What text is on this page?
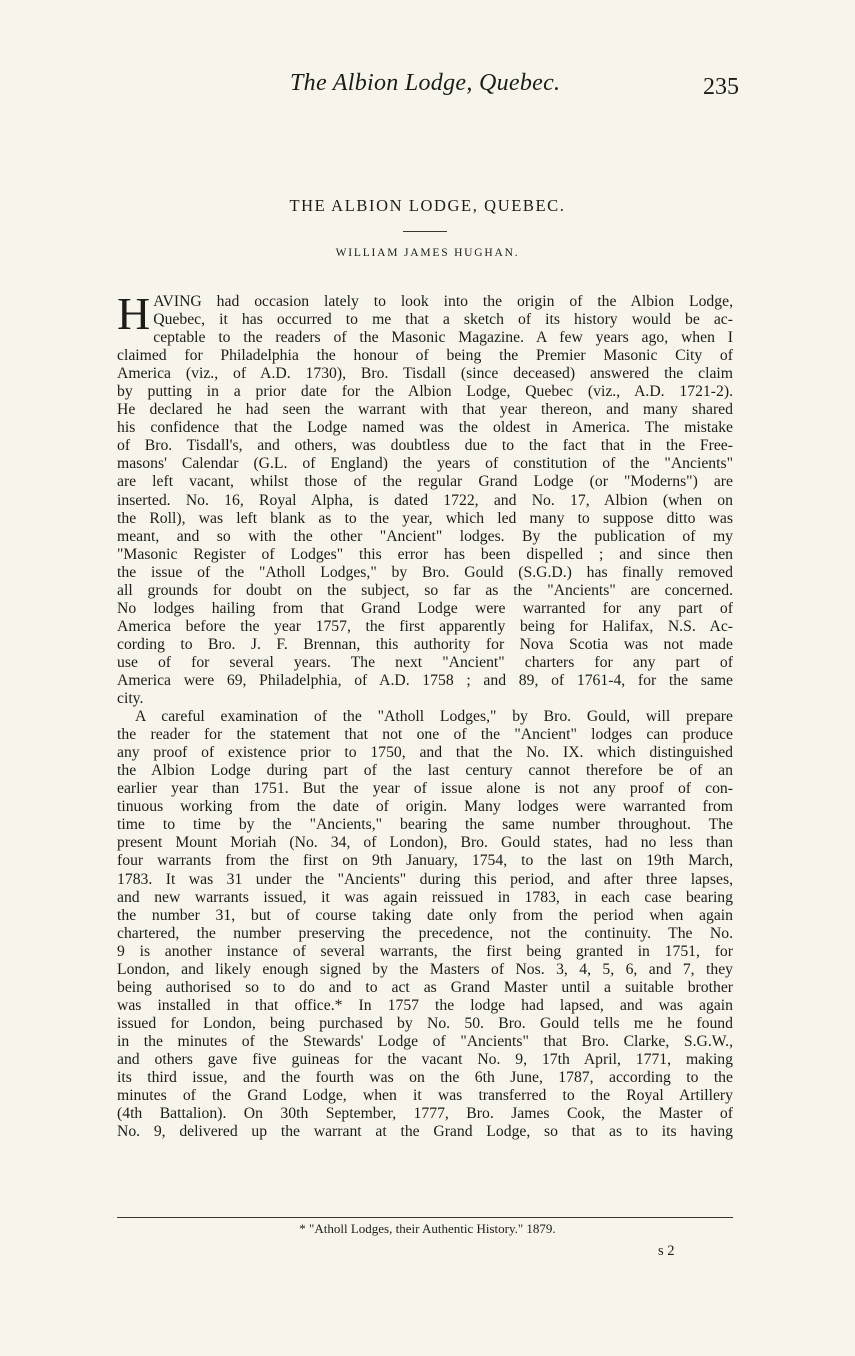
The Albion Lodge, Quebec.	235
THE ALBION LODGE, QUEBEC.
WILLIAM JAMES HUGHAN.
H AVING had occasion lately to look into the origin of the Albion Lodge,
Quebec, it has occurred to me that a sketch of its history would be ac-
ceptable to the readers of the Masonic Magazine. A few years ago, when I
claimed for Philadelphia the honour of being the Premier Masonic City of
America (viz., of A.D. 1730), Bro. Tisdall (since deceased) answered the claim
by putting in a prior date for the Albion Lodge, Quebec (viz., A.D. 1721-2).
He declared he had seen the warrant with that year thereon, and many shared
his confidence that the Lodge named was the oldest in America. The mistake
of Bro. Tisdall's, and others, was doubtless due to the fact that in the Free-
masons' Calendar (G.L. of England) the years of constitution of the "Ancients"
are left vacant, whilst those of the regular Grand Lodge (or "Moderns") are
inserted. No. 16, Royal Alpha, is dated 1722, and No. 17, Albion (when on
the Roll), was left blank as to the year, which led many to suppose ditto was
meant, and so with the other "Ancient" lodges. By the publication of my
"Masonic Register of Lodges" this error has been dispelled ; and since then
the issue of the "Atholl Lodges," by Bro. Gould (S.G.D.) has finally removed
all grounds for doubt on the subject, so far as the "Ancients" are concerned.
No lodges hailing from that Grand Lodge were warranted for any part of
America before the year 1757, the first apparently being for Halifax, N.S. Ac-
cording to Bro. J. F. Brennan, this authority for Nova Scotia was not made
use of for several years. The next "Ancient" charters for any part of
America were 69, Philadelphia, of A.D. 1758 ; and 89, of 1761-4, for the same
city.
A careful examination of the "Atholl Lodges," by Bro. Gould, will prepare
the reader for the statement that not one of the "Ancient" lodges can produce
any proof of existence prior to 1750, and that the No. IX. which distinguished
the Albion Lodge during part of the last century cannot therefore be of an
earlier year than 1751. But the year of issue alone is not any proof of con-
tinuous working from the date of origin. Many lodges were warranted from
time to time by the "Ancients," bearing the same number throughout. The
present Mount Moriah (No. 34, of London), Bro. Gould states, had no less than
four warrants from the first on 9th January, 1754, to the last on 19th March,
1783. It was 31 under the "Ancients" during this period, and after three lapses,
and new warrants issued, it was again reissued in 1783, in each case bearing
the number 31, but of course taking date only from the period when again
chartered, the number preserving the precedence, not the continuity. The No.
9 is another instance of several warrants, the first being granted in 1751, for
London, and likely enough signed by the Masters of Nos. 3, 4, 5, 6, and 7, they
being authorised so to do and to act as Grand Master until a suitable brother
was installed in that office.* In 1757 the lodge had lapsed, and was again
issued for London, being purchased by No. 50. Bro. Gould tells me he found
in the minutes of the Stewards' Lodge of "Ancients" that Bro. Clarke, S.G.W.,
and others gave five guineas for the vacant No. 9, 17th April, 1771, making
its third issue, and the fourth was on the 6th June, 1787, according to the
minutes of the Grand Lodge, when it was transferred to the Royal Artillery
(4th Battalion). On 30th September, 1777, Bro. James Cook, the Master of
No. 9, delivered up the warrant at the Grand Lodge, so that as to its having
* "Atholl Lodges, their Authentic History." 1879.
s 2
